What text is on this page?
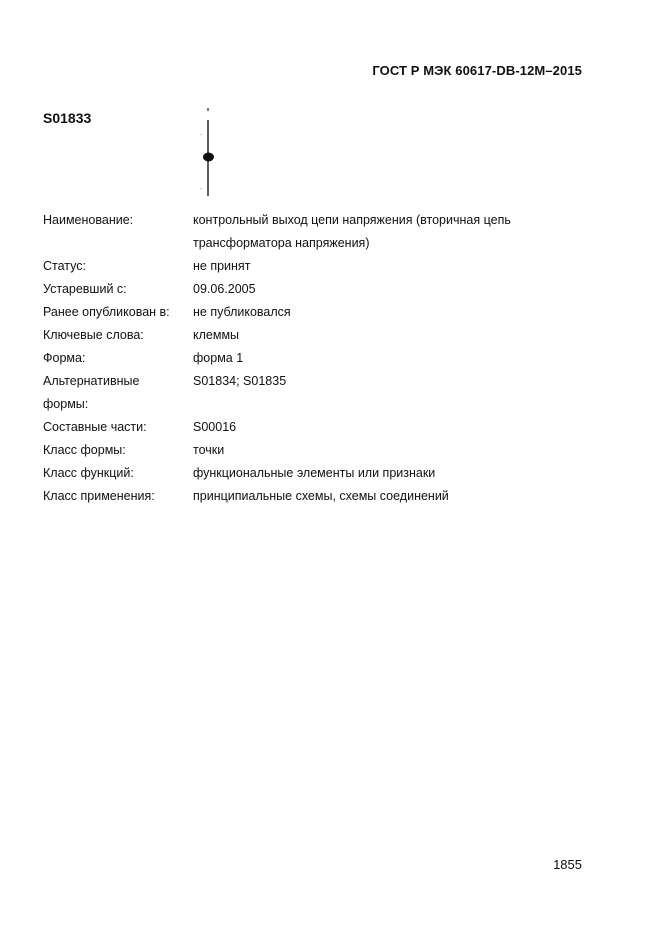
ГОСТ Р МЭК 60617-DB-12M–2015
S01833
Наименование:	контрольный выход цепи напряжения (вторичная цепь
трансформатора напряжения)
Статус:	не принят
Устаревший с:	09.06.2005
Ранее опубликован в:	не публиковался
Ключевые слова:	клеммы
Форма:	форма 1
Альтернативные	S01834; S01835
формы:
Составные части:	S00016
Класс формы:	точки
Класс функций:	функциональные элементы или признаки
Класс применения:	принципиальные схемы, схемы соединений
1855
